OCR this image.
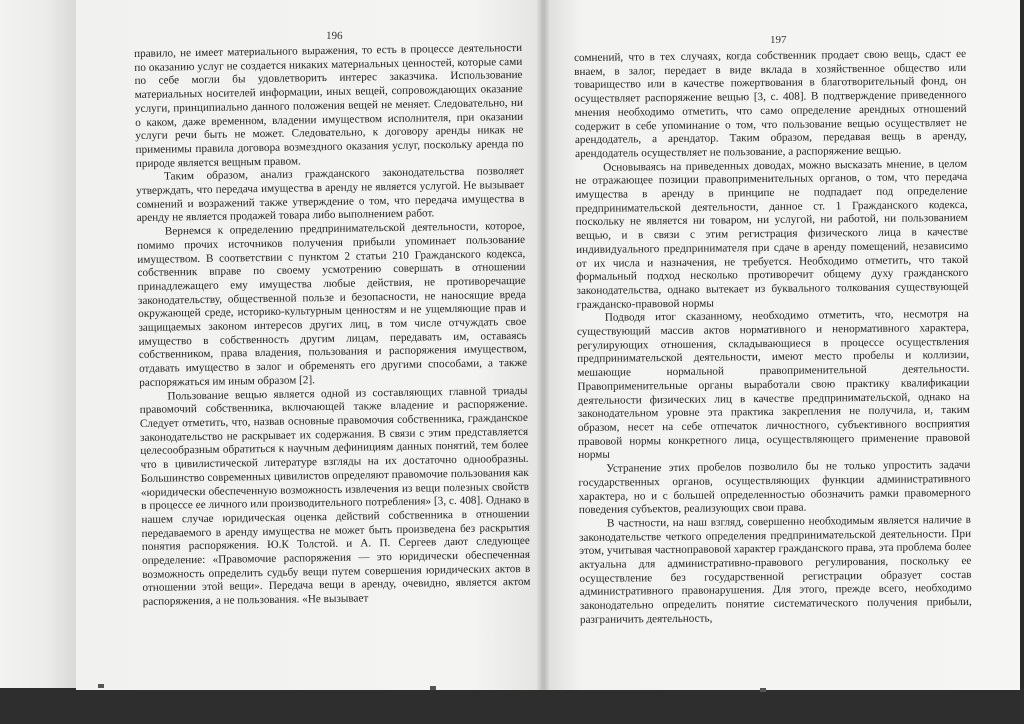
196

правило, не имеет материального выражения, то есть в процессе деятельности по оказанию услуг не создается никаких материальных ценностей, которые сами по себе могли бы удовлетворить интерес заказчика. Использование материальных носителей информации, иных вещей, сопровождающих оказание услуги, принципиально данного положения вещей не меняет. Следовательно, ни о каком, даже временном, владении имуществом исполнителя, при оказании услуги речи быть не может. Следовательно, к договору аренды никак не применимы правила договора возмездного оказания услуг, поскольку аренда по природе является вещным правом.

Таким образом, анализ гражданского законодательства позволяет утверждать, что передача имущества в аренду не является услугой. Не вызывает сомнений и возражений также утверждение о том, что передача имущества в аренду не является продажей товара либо выполнением работ.

Вернемся к определению предпринимательской деятельности, которое, помимо прочих источников получения прибыли упоминает пользование имуществом. В соответствии с пунктом 2 статьи 210 Гражданского кодекса, собственник вправе по своему усмотрению совершать в отношении принадлежащего ему имущества любые действия, не противоречащие законодательству, общественной пользе и безопасности, не наносящие вреда окружающей среде, историко-культурным ценностям и не ущемляющие прав и защищаемых законом интересов других лиц, в том числе отчуждать свое имущество в собственность другим лицам, передавать им, оставаясь собственником, права владения, пользования и распоряжения имуществом, отдавать имущество в залог и обременять его другими способами, а также распоряжаться им иным образом [2].

Пользование вещью является одной из составляющих главной триады правомочий собственника, включающей также владение и распоряжение. Следует отметить, что, назвав основные правомочия собственника, гражданское законодательство не раскрывает их содержания. В связи с этим представляется целесообразным обратиться к научным дефинициям данных понятий, тем более что в цивилистической литературе взгляды на их достаточно однообразны. Большинство современных цивилистов определяют правомочие пользования как «юридически обеспеченную возможность извлечения из вещи полезных свойств в процессе ее личного или производительного потребления» [3, с. 408]. Однако в нашем случае юридическая оценка действий собственника в отношении передаваемого в аренду имущества не может быть произведена без раскрытия понятия распоряжения. Ю.К Толстой. и А. П. Сергеев дают следующее определение: «Правомочие распоряжения — это юридически обеспеченная возможность определить судьбу вещи путем совершения юридических актов в отношении этой вещи». Передача вещи в аренду, очевидно, является актом распоряжения, а не пользования. «Не вызывает

197

сомнений, что в тех случаях, когда собственник продает свою вещь, сдаст ее внаем, в залог, передает в виде вклада в хозяйственное общество или товарищество или в качестве пожертвования в благотворительный фонд, он осуществляет распоряжение вещью [3, с. 408]. В подтверждение приведенного мнения необходимо отметить, что само определение арендных отношений содержит в себе упоминание о том, что пользование вещью осуществляет не арендодатель, а арендатор. Таким образом, передавая вещь в аренду, арендодатель осуществляет не пользование, а распоряжение вещью.

Основываясь на приведенных доводах, можно высказать мнение, в целом не отражающее позиции правоприменительных органов, о том, что передача имущества в аренду в принципе не подпадает под определение предпринимательской деятельности, данное ст. 1 Гражданского кодекса, поскольку не является ни товаром, ни услугой, ни работой, ни пользованием вещью, и в связи с этим регистрация физического лица в качестве индивидуального предпринимателя при сдаче в аренду помещений, независимо от их числа и назначения, не требуется. Необходимо отметить, что такой формальный подход несколько противоречит общему духу гражданского законодательства, однако вытекает из буквального толкования существующей гражданско-правовой нормы

Подводя итог сказанному, необходимо отметить, что, несмотря на существующий массив актов нормативного и ненормативного характера, регулирующих отношения, складывающиеся в процессе осуществления предпринимательской деятельности, имеют место пробелы и коллизии, мешающие нормальной правоприменительной деятельности. Правоприменительные органы выработали свою практику квалификации деятельности физических лиц в качестве предпринимательской, однако на законодательном уровне эта практика закрепления не получила, и, таким образом, несет на себе отпечаток личностного, субъективного восприятия правовой нормы конкретного лица, осуществляющего применение правовой нормы

Устранение этих пробелов позволило бы не только упростить задачи государственных органов, осуществляющих функции административного характера, но и с большей определенностью обозначить рамки правомерного поведения субъектов, реализующих свои права.

В частности, на наш взгляд, совершенно необходимым является наличие в законодательстве четкого определения предпринимательской деятельности. При этом, учитывая частноправовой характер гражданского права, эта проблема более актуальна для административно-правового регулирования, поскольку ее осуществление без государственной регистрации образует состав административного правонарушения. Для этого, прежде всего, необходимо законодательно определить понятие систематического получения прибыли, разграничить деятельность,
